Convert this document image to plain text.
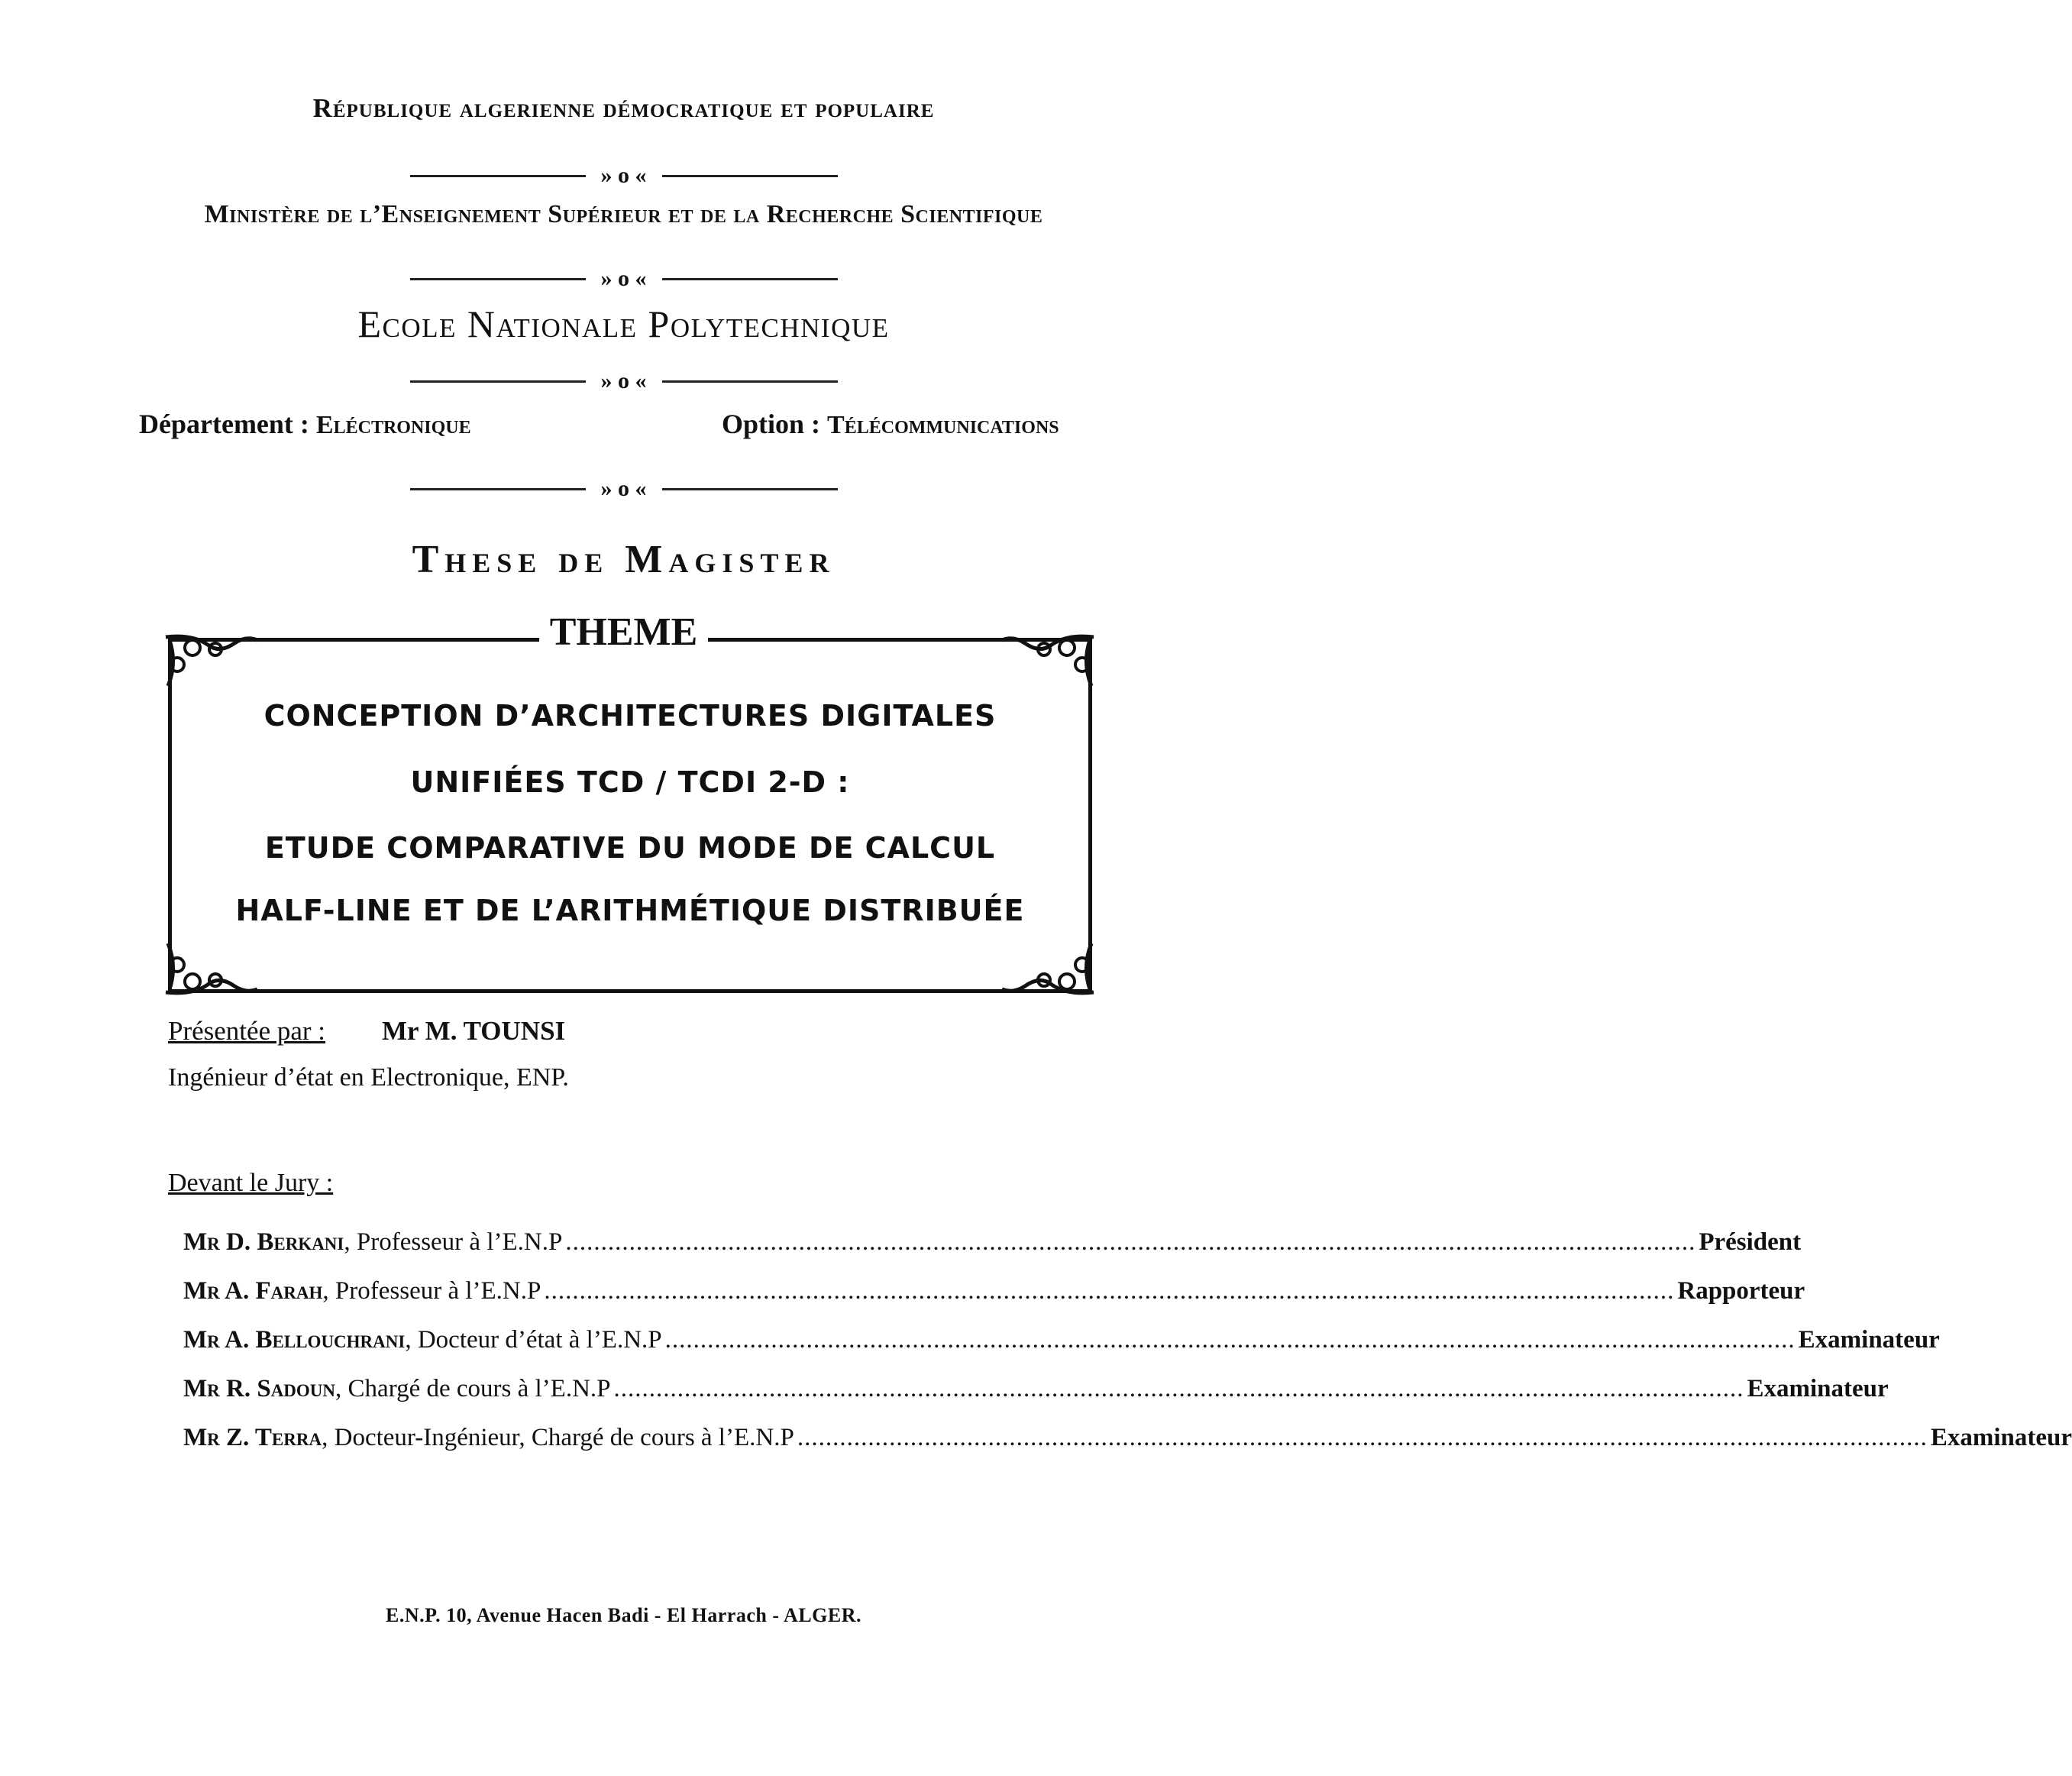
République algerienne démocratique et populaire
» o «
Ministère de l’Enseignement Supérieur et de la Recherche Scientifique
» o «
Ecole Nationale Polytechnique
» o «
Département : Eléctronique	Option : Télécommunications
» o «
These de Magister
THEME
CONCEPTION D’ARCHITECTURES DIGITALES
UNIFIÉES TCD / TCDI 2-D :
ETUDE COMPARATIVE DU MODE DE CALCUL
HALF-LINE ET DE L’ARITHMÉTIQUE DISTRIBUÉE
Présentée par : Mr M. TOUNSI
Ingénieur d’état en Electronique, ENP.
Devant le Jury :
Mr D. Berkani , Professeur à l’E.N.P ................................................................................................................................................................ Président
Mr A. Farah , Professeur à l’E.N.P ................................................................................................................................................................ Rapporteur
Mr A. Bellouchrani , Docteur d’état à l’E.N.P ................................................................................................................................................................ Examinateur
Mr R. Sadoun , Chargé de cours à l’E.N.P ................................................................................................................................................................ Examinateur
Mr Z. Terra , Docteur-Ingénieur, Chargé de cours à l’E.N.P ................................................................................................................................................................ Examinateur
E.N.P. 10, Avenue Hacen Badi - El Harrach - ALGER.
